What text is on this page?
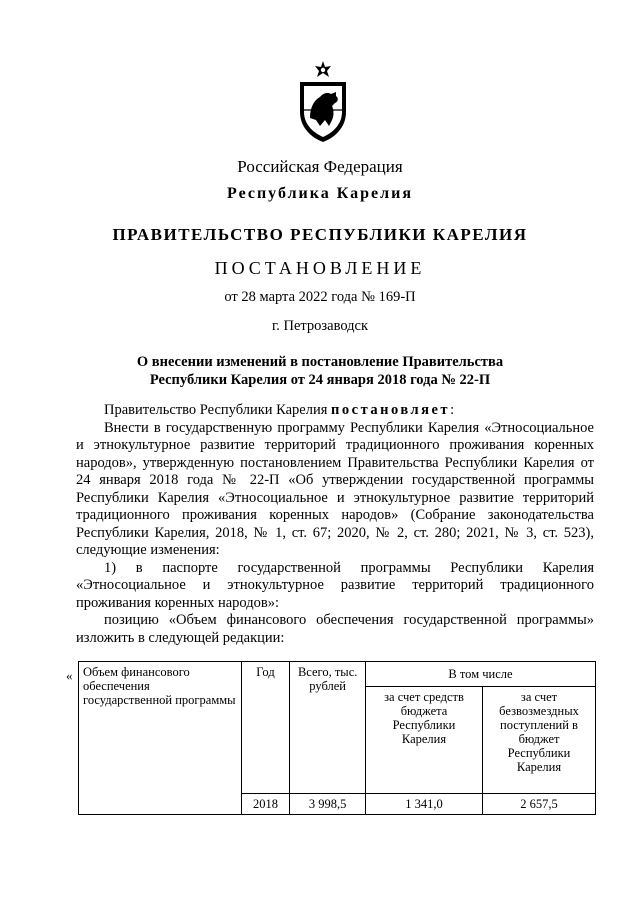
Российская Федерация
Республика Карелия
ПРАВИТЕЛЬСТВО РЕСПУБЛИКИ КАРЕЛИЯ
ПОСТАНОВЛЕНИЕ
от 28 марта 2022 года № 169-П
г. Петрозаводск
О внесении изменений в постановление Правительства
Республики Карелия от 24 января 2018 года № 22-П

Правительство Республики Карелия постановляет:

Внести в государственную программу Республики Карелия «Этносоциальное и этнокультурное развитие территорий традиционного проживания коренных народов», утвержденную постановлением Правительства Республики Карелия от 24 января 2018 года № 22-П «Об утверждении государственной программы Республики Карелия «Этносоциальное и этнокультурное развитие территорий традиционного проживания коренных народов» (Собрание законодательства Республики Карелия, 2018, № 1, ст. 67; 2020, № 2, ст. 280; 2021, № 3, ст. 523), следующие изменения:

1) в паспорте государственной программы Республики Карелия «Этносоциальное и этнокультурное развитие территорий традиционного проживания коренных народов»:

позицию «Объем финансового обеспечения государственной программы» изложить в следующей редакции:

« Объем финансового обеспечения государственной программы	Год	Всего, тыс. рублей	В том числе	
			за счет средств бюджета Республики Карелия	за счет безвозмездных поступлений в бюджет Республики Карелия
	2018	3 998,5	1 341,0	2 657,5
